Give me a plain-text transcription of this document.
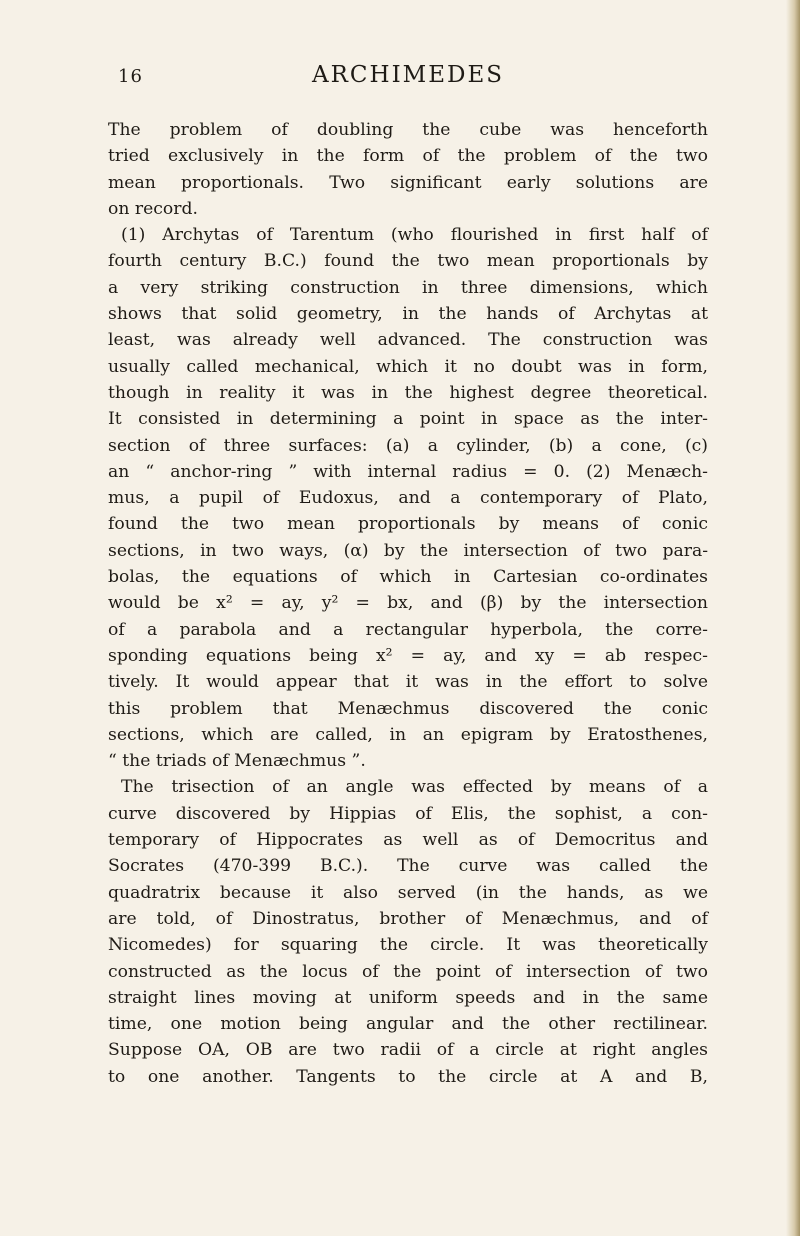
16	ARCHIMEDES
The problem of doubling the cube was henceforth
tried exclusively in the form of the problem of the two
mean proportionals. Two significant early solutions are
on record.
(1) Archytas of Tarentum (who flourished in first half of
fourth century B.C.) found the two mean proportionals by
a very striking construction in three dimensions, which
shows that solid geometry, in the hands of Archytas at
least, was already well advanced. The construction was
usually called mechanical, which it no doubt was in form,
though in reality it was in the highest degree theoretical.
It consisted in determining a point in space as the inter-
section of three surfaces: (a) a cylinder, (b) a cone, (c)
an “ anchor-ring ” with internal radius = 0. (2) Menæch-
mus, a pupil of Eudoxus, and a contemporary of Plato,
found the two mean proportionals by means of conic
sections, in two ways, (α) by the intersection of two para-
bolas, the equations of which in Cartesian co-ordinates
would be x² = ay, y² = bx, and (β) by the intersection
of a parabola and a rectangular hyperbola, the corre-
sponding equations being x² = ay, and xy = ab respec-
tively. It would appear that it was in the effort to solve
this problem that Menæchmus discovered the conic
sections, which are called, in an epigram by Eratosthenes,
“ the triads of Menæchmus ”.
The trisection of an angle was effected by means of a
curve discovered by Hippias of Elis, the sophist, a con-
temporary of Hippocrates as well as of Democritus and
Socrates (470-399 B.C.). The curve was called the
quadratrix because it also served (in the hands, as we
are told, of Dinostratus, brother of Menæchmus, and of
Nicomedes) for squaring the circle. It was theoretically
constructed as the locus of the point of intersection of two
straight lines moving at uniform speeds and in the same
time, one motion being angular and the other rectilinear.
Suppose OA, OB are two radii of a circle at right angles
to one another. Tangents to the circle at A and B,
